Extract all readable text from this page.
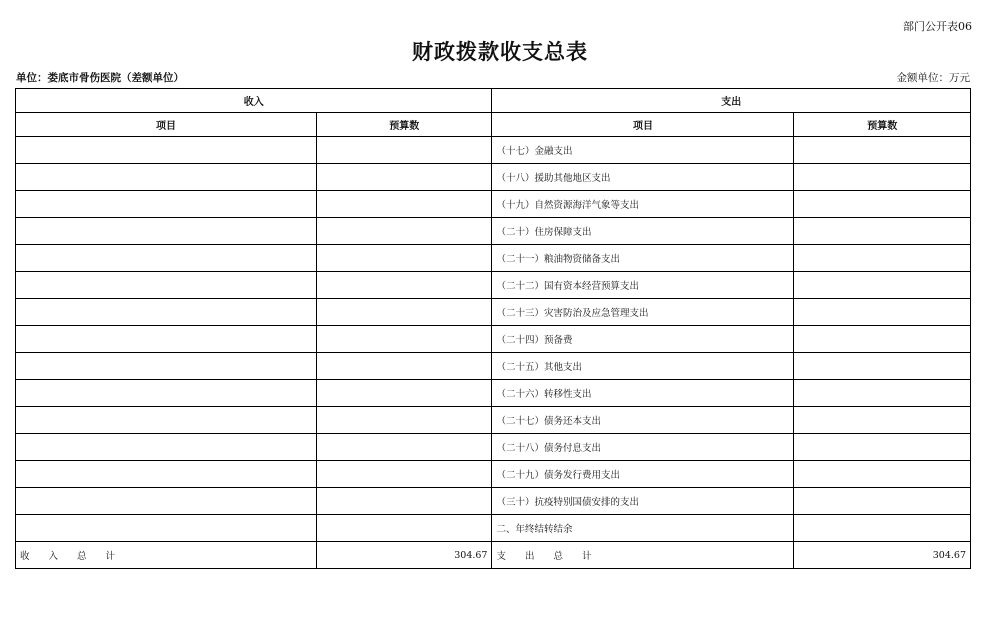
部门公开表06
财政拨款收支总表
单位：娄底市骨伤医院（差额单位）	金额单位：万元
收入		支出	
项目	预算数	项目	预算数
		（十七）金融支出	
		（十八）援助其他地区支出	
		（十九）自然资源海洋气象等支出	
		（二十）住房保障支出	
		（二十一）粮油物资储备支出	
		（二十二）国有资本经营预算支出	
		（二十三）灾害防治及应急管理支出	
		（二十四）预备费	
		（二十五）其他支出	
		（二十六）转移性支出	
		（二十七）债务还本支出	
		（二十八）债务付息支出	
		（二十九）债务发行费用支出	
		（三十）抗疫特别国债安排的支出	
		二、年终结转结余	
收　　入　　总　　计	304.67	支　　出　　总　　计	304.67
